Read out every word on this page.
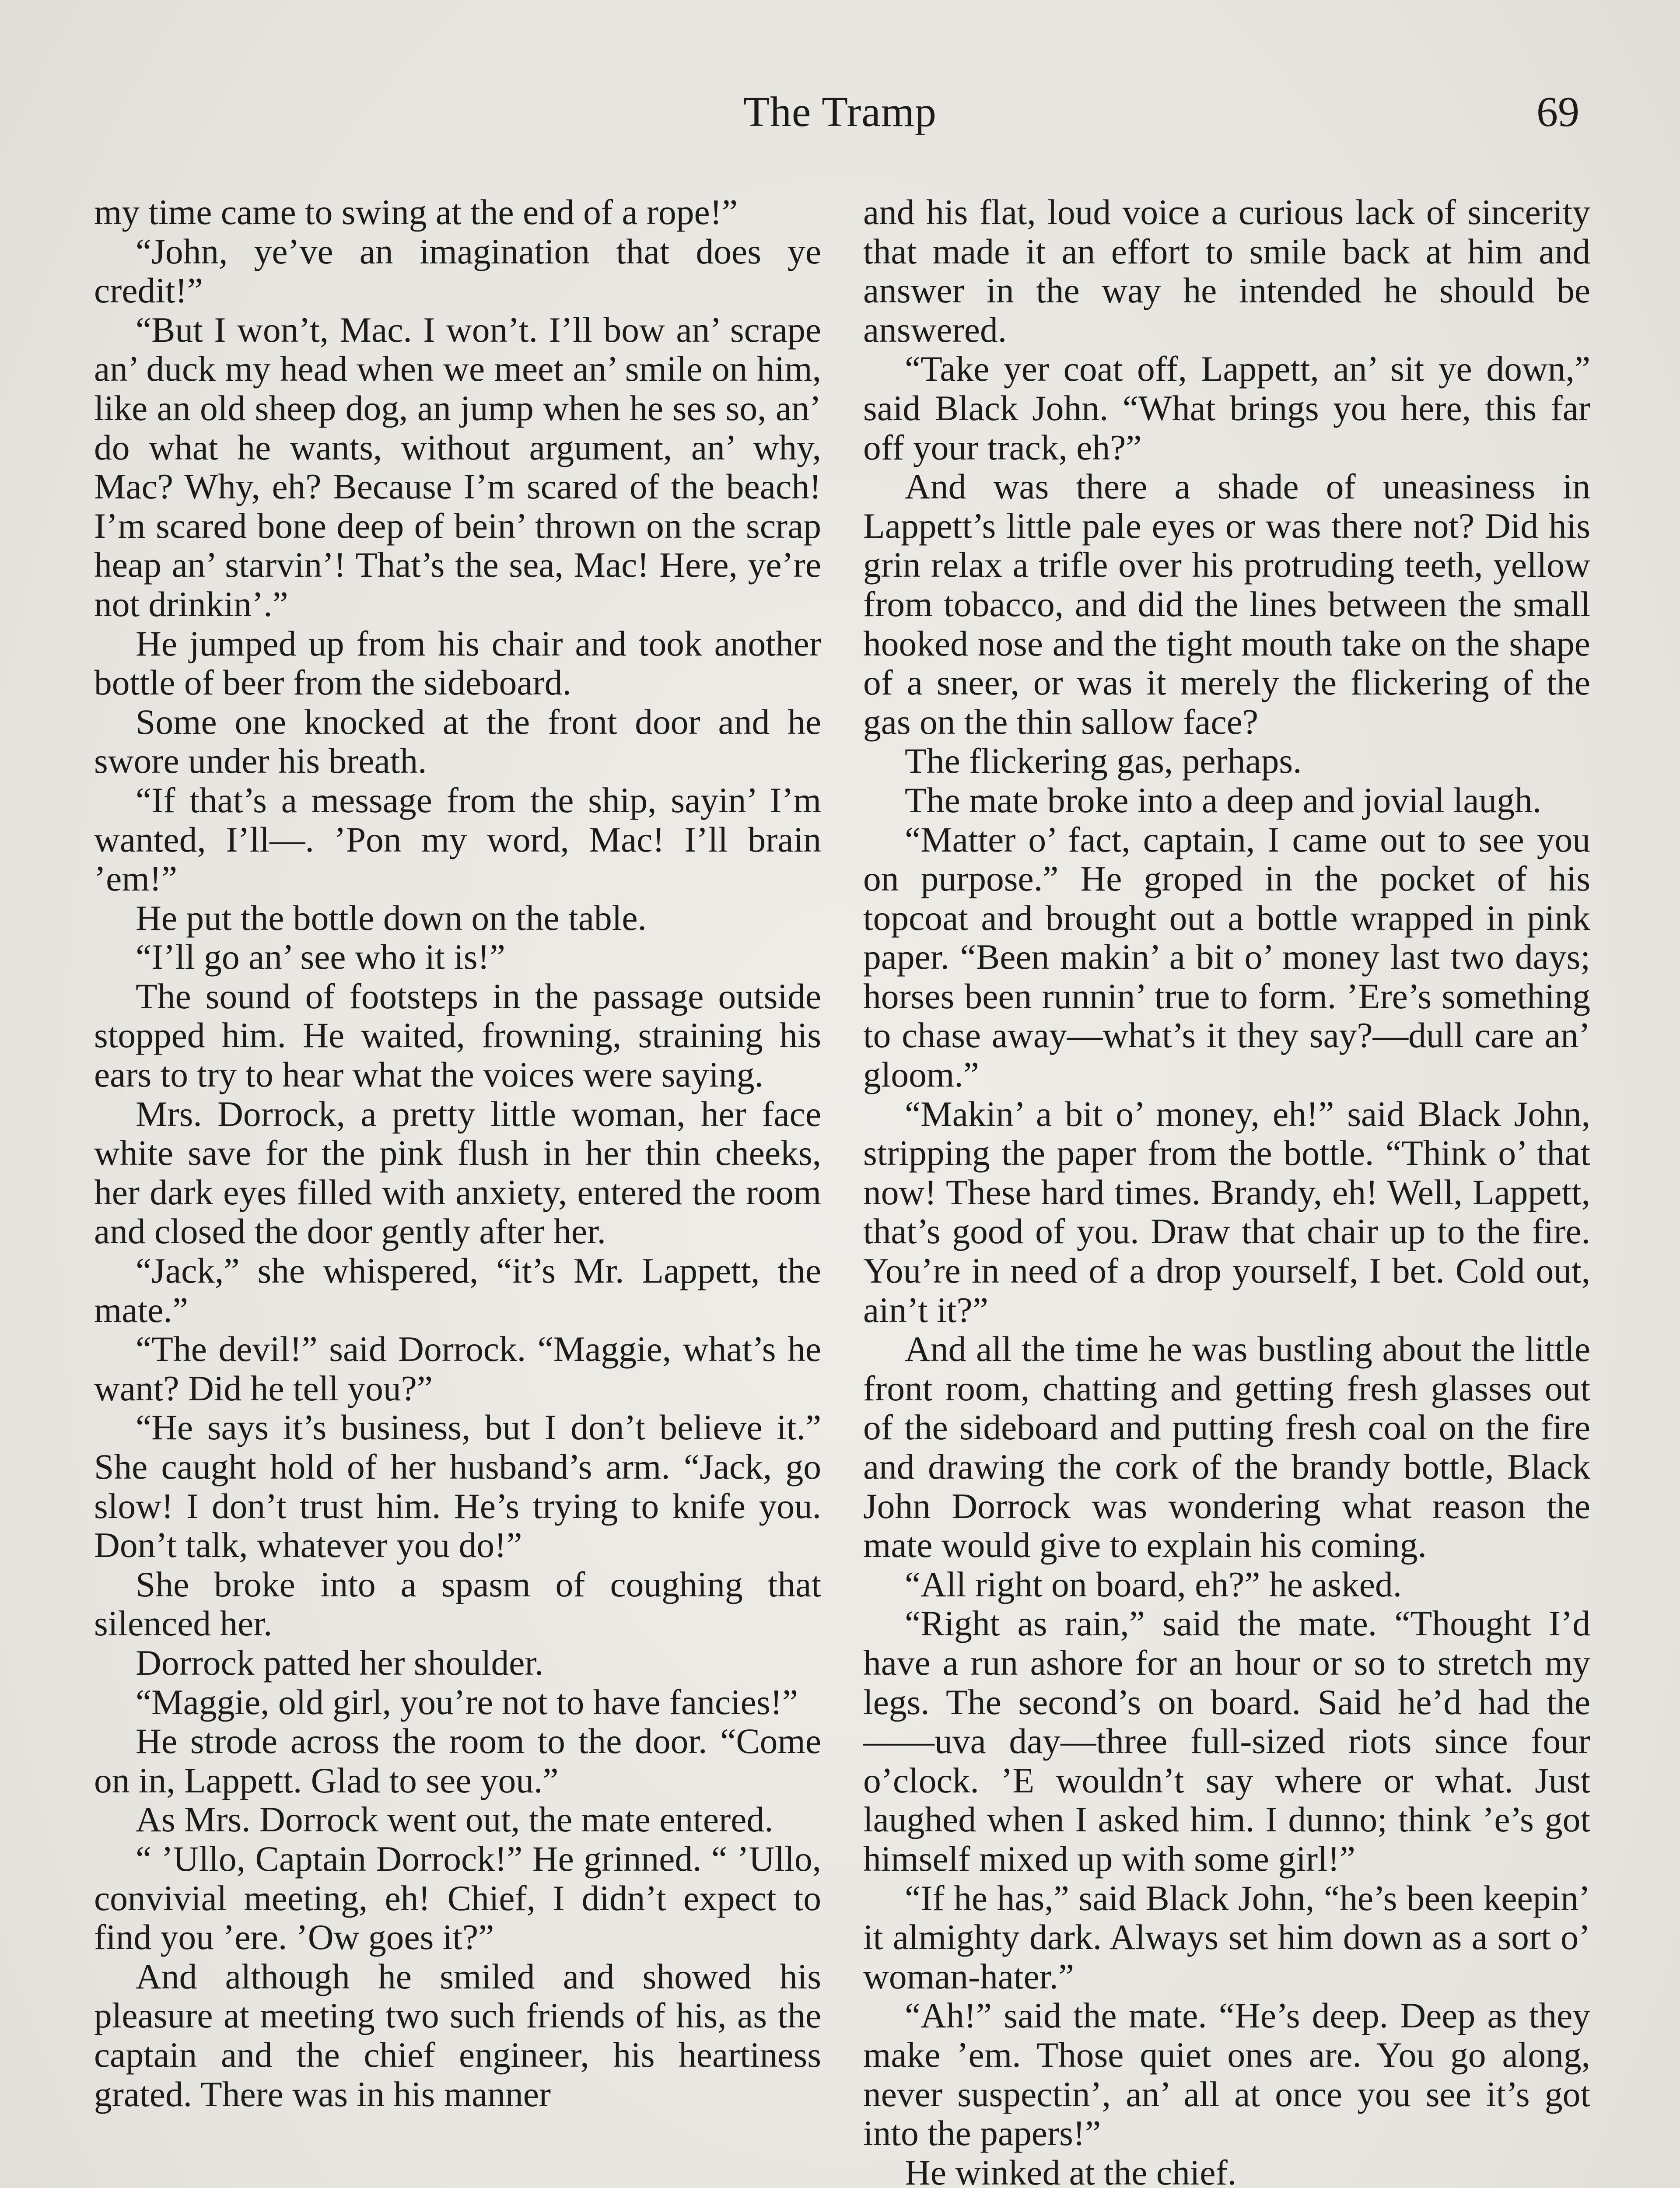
The Tramp	69

my time came to swing at the end of a rope!”

“John, ye’ve an imagination that does ye credit!”

“But I won’t, Mac. I won’t. I’ll bow an’ scrape an’ duck my head when we meet an’ smile on him, like an old sheep dog, an jump when he ses so, an’ do what he wants, without argument, an’ why, Mac? Why, eh? Because I’m scared of the beach! I’m scared bone deep of bein’ thrown on the scrap heap an’ starvin’! That’s the sea, Mac! Here, ye’re not drinkin’.”

He jumped up from his chair and took another bottle of beer from the sideboard.

Some one knocked at the front door and he swore under his breath.

“If that’s a message from the ship, sayin’ I’m wanted, I’ll—. ’Pon my word, Mac! I’ll brain ’em!”

He put the bottle down on the table.

“I’ll go an’ see who it is!”

The sound of footsteps in the passage outside stopped him. He waited, frowning, straining his ears to try to hear what the voices were saying.

Mrs. Dorrock, a pretty little woman, her face white save for the pink flush in her thin cheeks, her dark eyes filled with anxiety, entered the room and closed the door gently after her.

“Jack,” she whispered, “it’s Mr. Lappett, the mate.”

“The devil!” said Dorrock. “Maggie, what’s he want? Did he tell you?”

“He says it’s business, but I don’t believe it.” She caught hold of her husband’s arm. “Jack, go slow! I don’t trust him. He’s trying to knife you. Don’t talk, whatever you do!”

She broke into a spasm of coughing that silenced her.

Dorrock patted her shoulder.

“Maggie, old girl, you’re not to have fancies!”

He strode across the room to the door. “Come on in, Lappett. Glad to see you.”

As Mrs. Dorrock went out, the mate entered.

“ ’Ullo, Captain Dorrock!” He grinned. “ ’Ullo, convivial meeting, eh! Chief, I didn’t expect to find you ’ere. ’Ow goes it?”

And although he smiled and showed his pleasure at meeting two such friends of his, as the captain and the chief engineer, his heartiness grated. There was in his manner

and his flat, loud voice a curious lack of sincerity that made it an effort to smile back at him and answer in the way he intended he should be answered.

“Take yer coat off, Lappett, an’ sit ye down,” said Black John. “What brings you here, this far off your track, eh?”

And was there a shade of uneasiness in Lappett’s little pale eyes or was there not? Did his grin relax a trifle over his protruding teeth, yellow from tobacco, and did the lines between the small hooked nose and the tight mouth take on the shape of a sneer, or was it merely the flickering of the gas on the thin sallow face?

The flickering gas, perhaps.

The mate broke into a deep and jovial laugh.

“Matter o’ fact, captain, I came out to see you on purpose.” He groped in the pocket of his topcoat and brought out a bottle wrapped in pink paper. “Been makin’ a bit o’ money last two days; horses been runnin’ true to form. ’Ere’s something to chase away—what’s it they say?—dull care an’ gloom.”

“Makin’ a bit o’ money, eh!” said Black John, stripping the paper from the bottle. “Think o’ that now! These hard times. Brandy, eh! Well, Lappett, that’s good of you. Draw that chair up to the fire. You’re in need of a drop yourself, I bet. Cold out, ain’t it?”

And all the time he was bustling about the little front room, chatting and getting fresh glasses out of the sideboard and putting fresh coal on the fire and drawing the cork of the brandy bottle, Black John Dorrock was wondering what reason the mate would give to explain his coming.

“All right on board, eh?” he asked.

“Right as rain,” said the mate. “Thought I’d have a run ashore for an hour or so to stretch my legs. The second’s on board. Said he’d had the ——uva day—three full-sized riots since four o’clock. ’E wouldn’t say where or what. Just laughed when I asked him. I dunno; think ’e’s got himself mixed up with some girl!”

“If he has,” said Black John, “he’s been keepin’ it almighty dark. Always set him down as a sort o’ woman-hater.”

“Ah!” said the mate. “He’s deep. Deep as they make ’em. Those quiet ones are. You go along, never suspectin’, an’ all at once you see it’s got into the papers!”

He winked at the chief.
